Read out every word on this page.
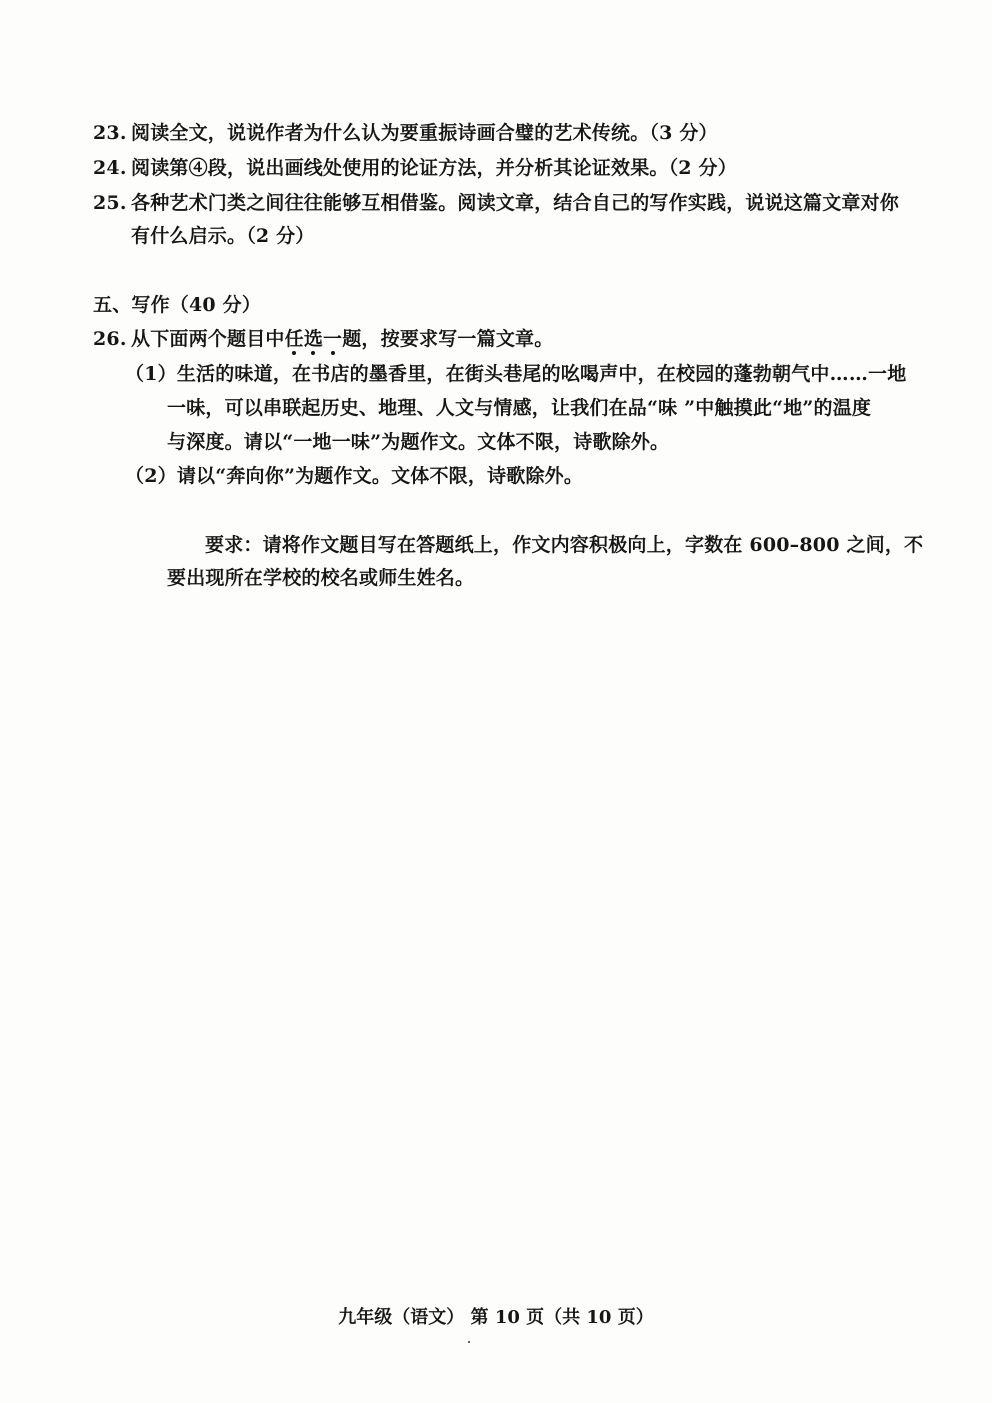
23. 阅读全文，说说作者为什么认为要重振诗画合璧的艺术传统。（3 分）
24. 阅读第④段，说出画线处使用的论证方法，并分析其论证效果。（2 分）
25. 各种艺术门类之间往往能够互相借鉴。阅读文章，结合自己的写作实践，说说这篇文章对你
有什么启示。（2 分）
五、写作（40 分）
26. 从下面两个题目中任选一题，按要求写一篇文章。
（1）生活的味道，在书店的墨香里，在街头巷尾的吆喝声中，在校园的蓬勃朝气中……一地
一味，可以串联起历史、地理、人文与情感，让我们在品“味 ”中触摸此“地”的温度
与深度。请以“一地一味”为题作文。文体不限，诗歌除外。
（2）请以“奔向你”为题作文。文体不限，诗歌除外。
要求：请将作文题目写在答题纸上，作文内容积极向上，字数在 600–800 之间，不
要出现所在学校的校名或师生姓名。
九年级（语文） 第 10 页（共 10 页）
